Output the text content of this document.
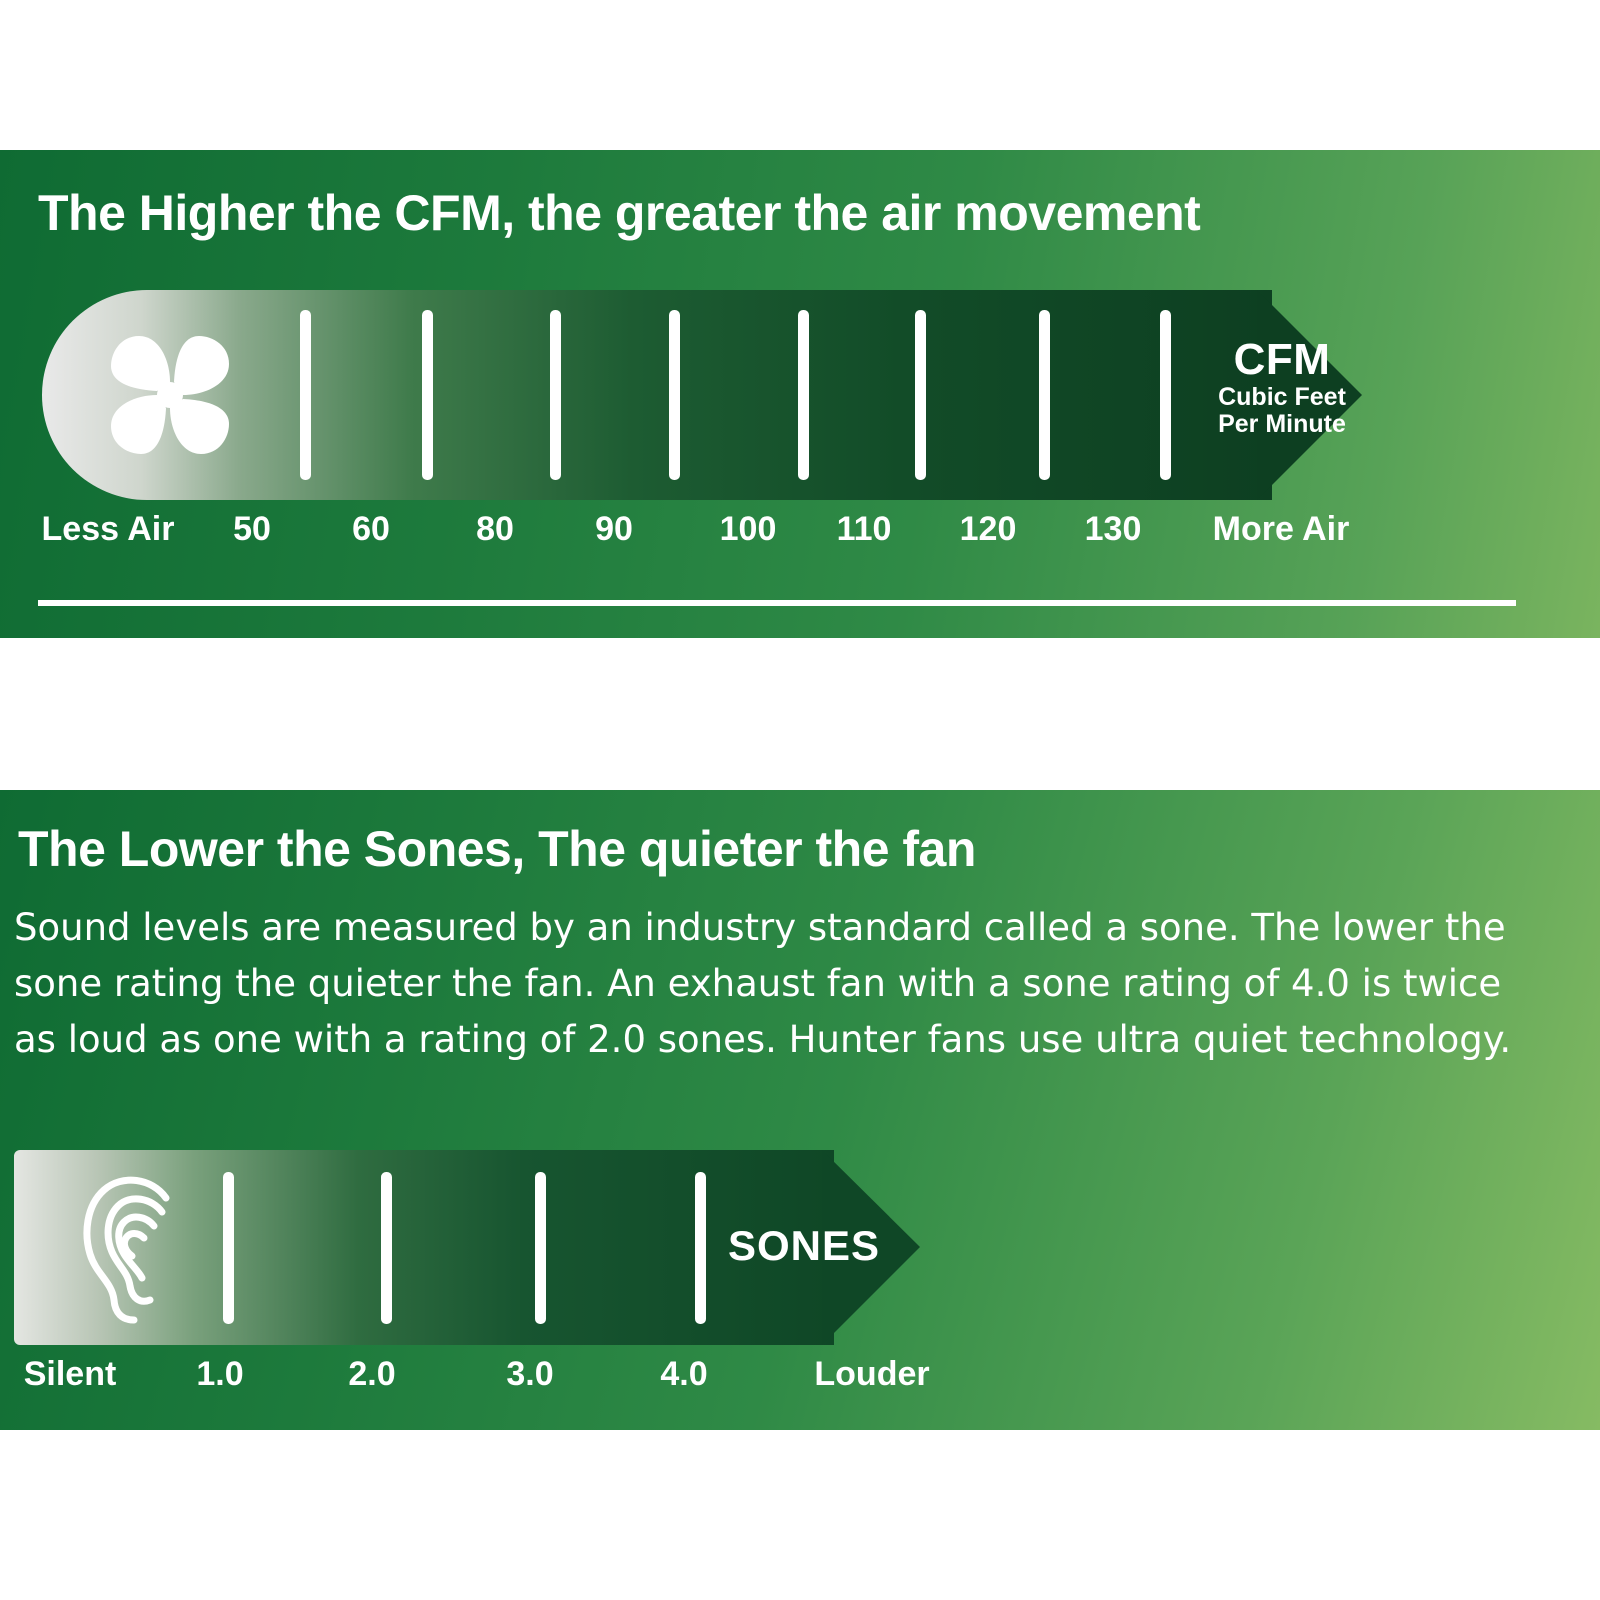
The Higher the CFM, the greater the air movement
CFM
Cubic Feet
Per Minute
Less Air 50 60	80 90	100 110 120 130 More Air
The Lower the Sones, The quieter the fan
Sound levels are measured by an industry standard called a sone. The lower the sone rating the quieter the fan. An exhaust fan with a sone rating of 4.0 is twice as loud as one with a rating of 2.0 sones. Hunter fans use ultra quiet technology.
SONES
Silent 1.0	2.0	3.0	4.0	Louder
